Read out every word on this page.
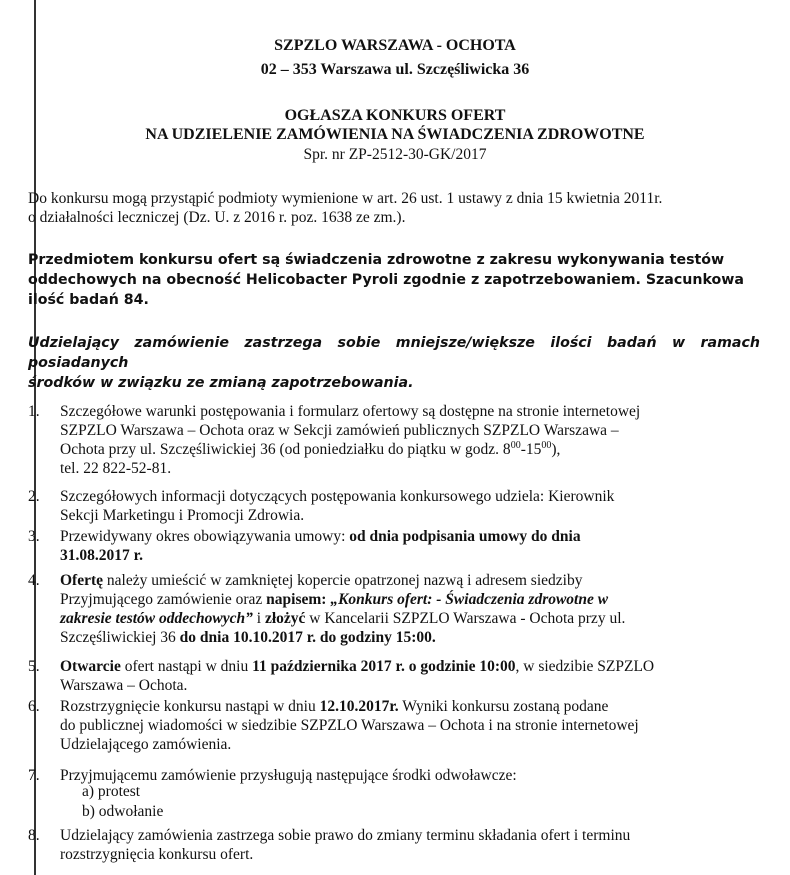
SZPZLO WARSZAWA - OCHOTA
02 – 353 Warszawa ul. Szczęśliwicka 36
OGŁASZA KONKURS OFERT
NA UDZIELENIE ZAMÓWIENIA NA ŚWIADCZENIA ZDROWOTNE
Spr. nr ZP-2512-30-GK/2017
Do konkursu mogą przystąpić podmioty wymienione w art. 26 ust. 1 ustawy z dnia 15 kwietnia 2011r.
o działalności leczniczej (Dz. U. z 2016 r. poz. 1638 ze zm.).
Przedmiotem konkursu ofert są świadczenia zdrowotne z zakresu wykonywania testów
oddechowych na obecność Helicobacter Pyroli zgodnie z zapotrzebowaniem. Szacunkowa
ilość badań 84.
Udzielający zamówienie zastrzega sobie mniejsze/większe ilości badań w ramach posiadanych
środków w związku ze zmianą zapotrzebowania.
1.	Szczegółowe warunki postępowania i formularz ofertowy są dostępne na stronie internetowej
SZPZLO Warszawa – Ochota oraz w Sekcji zamówień publicznych SZPZLO Warszawa –
Ochota przy ul. Szczęśliwickiej 36 (od poniedziałku do piątku w godz. $8^{00}-15^{00}$),
tel. 22 822-52-81.
2.	Szczegółowych informacji dotyczących postępowania konkursowego udziela: Kierownik
Sekcji Marketingu i Promocji Zdrowia.
3.	Przewidywany okres obowiązywania umowy: od dnia podpisania umowy do dnia
31.08.2017 r.
4.	Ofertę należy umieścić w zamkniętej kopercie opatrzonej nazwą i adresem siedziby
Przyjmującego zamówienie oraz napisem: „Konkurs ofert: - Świadczenia zdrowotne w
zakresie testów oddechowych” i złożyć w Kancelarii SZPZLO Warszawa - Ochota przy ul.
Szczęśliwickiej 36 do dnia 10.10.2017 r. do godziny 15:00.
5.	Otwarcie ofert nastąpi w dniu 11 października 2017 r. o godzinie 10:00, w siedzibie SZPZLO
Warszawa – Ochota.
6.	Rozstrzygnięcie konkursu nastąpi w dniu 12.10.2017r. Wyniki konkursu zostaną podane
do publicznej wiadomości w siedzibie SZPZLO Warszawa – Ochota i na stronie internetowej
Udzielającego zamówienia.
7.	Przyjmującemu zamówienie przysługują następujące środki odwoławcze:
a) protest
b) odwołanie
8.	Udzielający zamówienia zastrzega sobie prawo do zmiany terminu składania ofert i terminu
rozstrzygnięcia konkursu ofert.
